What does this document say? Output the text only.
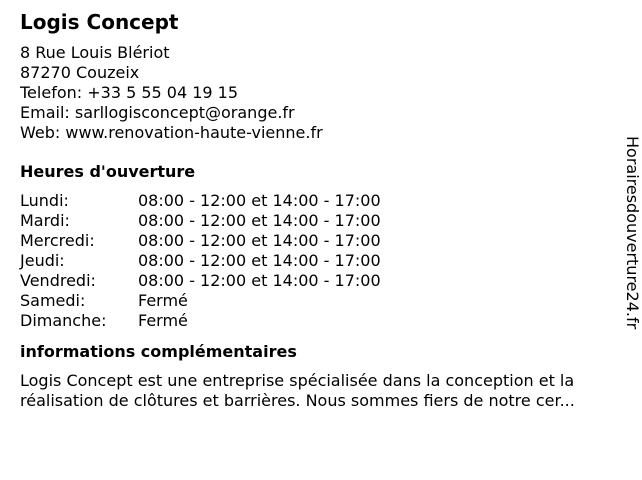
Logis Concept
8 Rue Louis Blériot
87270 Couzeix
Telefon: +33 5 55 04 19 15
Email: sarllogisconcept@orange.fr
Web: www.renovation-haute-vienne.fr
Heures d'ouverture
Lundi:	08:00 - 12:00 et 14:00 - 17:00
Mardi:	08:00 - 12:00 et 14:00 - 17:00
Mercredi:	08:00 - 12:00 et 14:00 - 17:00
Jeudi:	08:00 - 12:00 et 14:00 - 17:00
Vendredi:	08:00 - 12:00 et 14:00 - 17:00
Samedi:	Fermé
Dimanche:	Fermé
informations complémentaires
Logis Concept est une entreprise spécialisée dans la conception et la réalisation de clôtures et barrières. Nous sommes fiers de notre cer...
Horairesdouverture24.fr
